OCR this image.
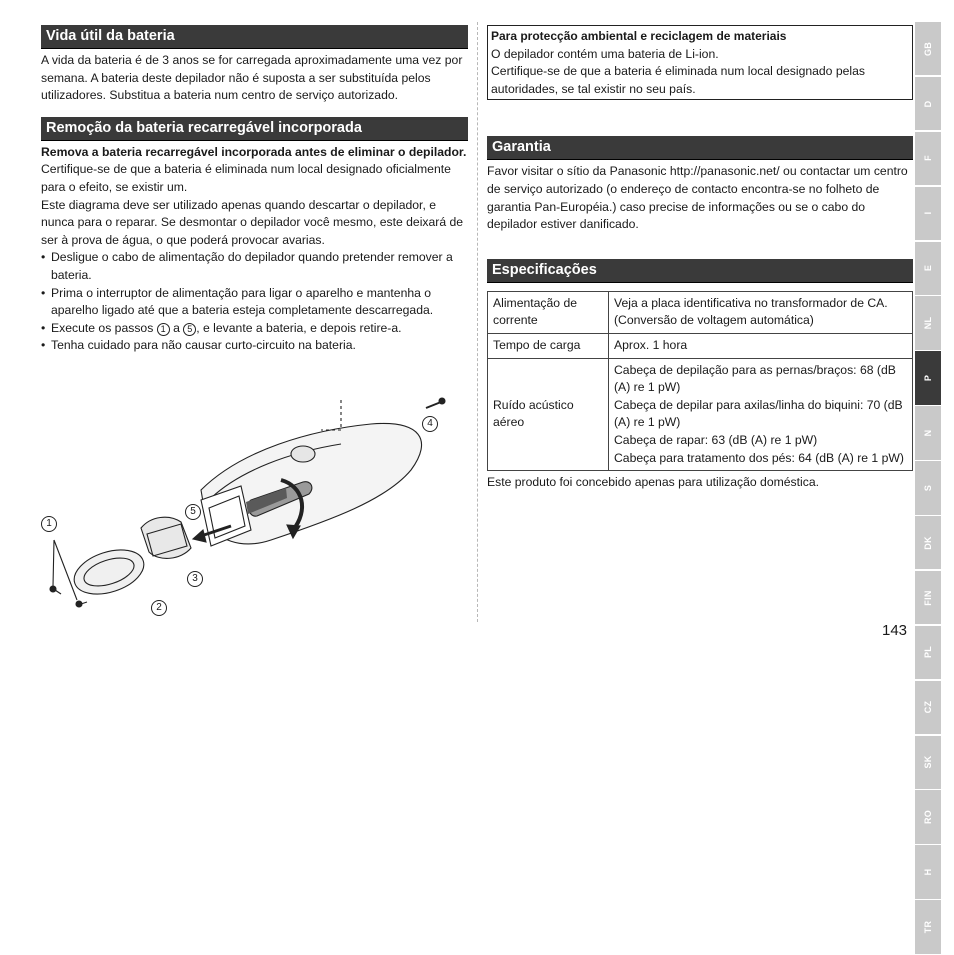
Vida útil da bateria

A vida da bateria é de 3 anos se for carregada aproximadamente uma vez por semana. A bateria deste depilador não é suposta a ser substituída pelos utilizadores. Substitua a bateria num centro de serviço autorizado.

Remoção da bateria recarregável incorporada

Remova a bateria recarregável incorporada antes de eliminar o depilador.

Certifique-se de que a bateria é eliminada num local designado oficialmente para o efeito, se existir um.

Este diagrama deve ser utilizado apenas quando descartar o depilador, e nunca para o reparar. Se desmontar o depilador você mesmo, este deixará de ser à prova de água, o que poderá provocar avarias.

• Desligue o cabo de alimentação do depilador quando pretender remover a bateria.
• Prima o interruptor de alimentação para ligar o aparelho e mantenha o aparelho ligado até que a bateria esteja completamente descarregada.
• Execute os passos 1 a 5 , e levante a bateria, e depois retire-a.
• Tenha cuidado para não causar curto-circuito na bateria.
1
2
3
4
5

Para protecção ambiental e reciclagem de materiais

O depilador contém uma bateria de Li-ion.

Certifique-se de que a bateria é eliminada num local designado pelas autoridades, se tal existir no seu país.

Garantia

Favor visitar o sítio da Panasonic http://panasonic.net/ ou contactar um centro de serviço autorizado (o endereço de contacto encontra-se no folheto de garantia Pan-Européia.) caso precise de informações ou se o cabo do depilador estiver danificado.

Especificações
Alimentação de corrente	Veja a placa identificativa no transformador de CA. (Conversão de voltagem automática)
Tempo de carga	Aprox. 1 hora
Ruído acústico aéreo	Cabeça de depilação para as pernas/braços: 68 (dB (A) re 1 pW)
Cabeça de depilar para axilas/linha do biquini: 70 (dB (A) re 1 pW)
Cabeça de rapar: 63 (dB (A) re 1 pW)
Cabeça para tratamento dos pés: 64 (dB (A) re 1 pW)

Este produto foi concebido apenas para utilização doméstica.

GB
D
F
I
E
NL
P
N
S
DK
FIN
PL
CZ
SK
RO
H
TR
143
